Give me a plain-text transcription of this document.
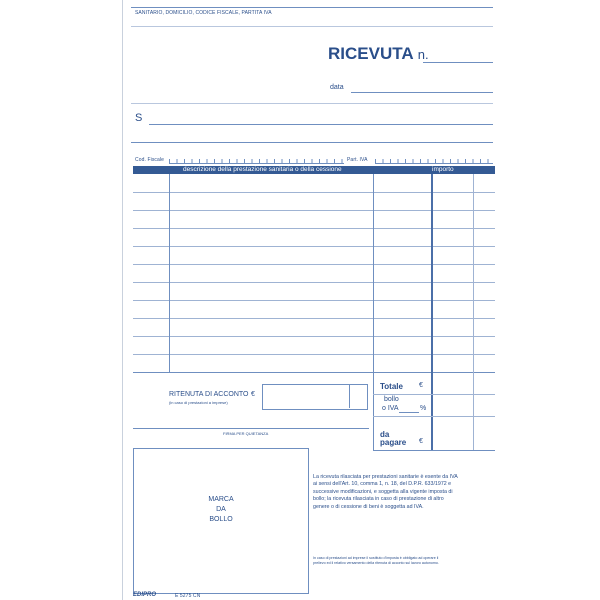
SANITARIO, DOMICILIO, CODICE FISCALE, PARTITA IVA
RICEVUTA n.
data
S
Cod. Fiscale	Part. IVA
descrizione della prestazione sanitaria o della cessione	importo
RITENUTA DI ACCONTO
(in caso di prestazioni a imprese)
€
Totale €
bollo
o IVA	%
da
pagare €
FIRMA PER QUIETANZA
MARCA
DA
BOLLO
La ricevuta rilasciata per prestazioni sanitarie è esente da IVA ai sensi dell'Art. 10, comma 1, n. 18, del D.P.R. 633/1972 e successive modificazioni, e soggetta alla vigente imposta di bollo; la ricevuta rilasciata in caso di prestazione di altro genere o di cessione di beni è soggetta ad IVA.
In caso di prestazioni ad imprese il sostituto d'imposta è obbligato ad operare il prelievo ed il relativo versamento della ritenuta di acconto sul lavoro autonomo.
EDIPRO	E 5275 CN
